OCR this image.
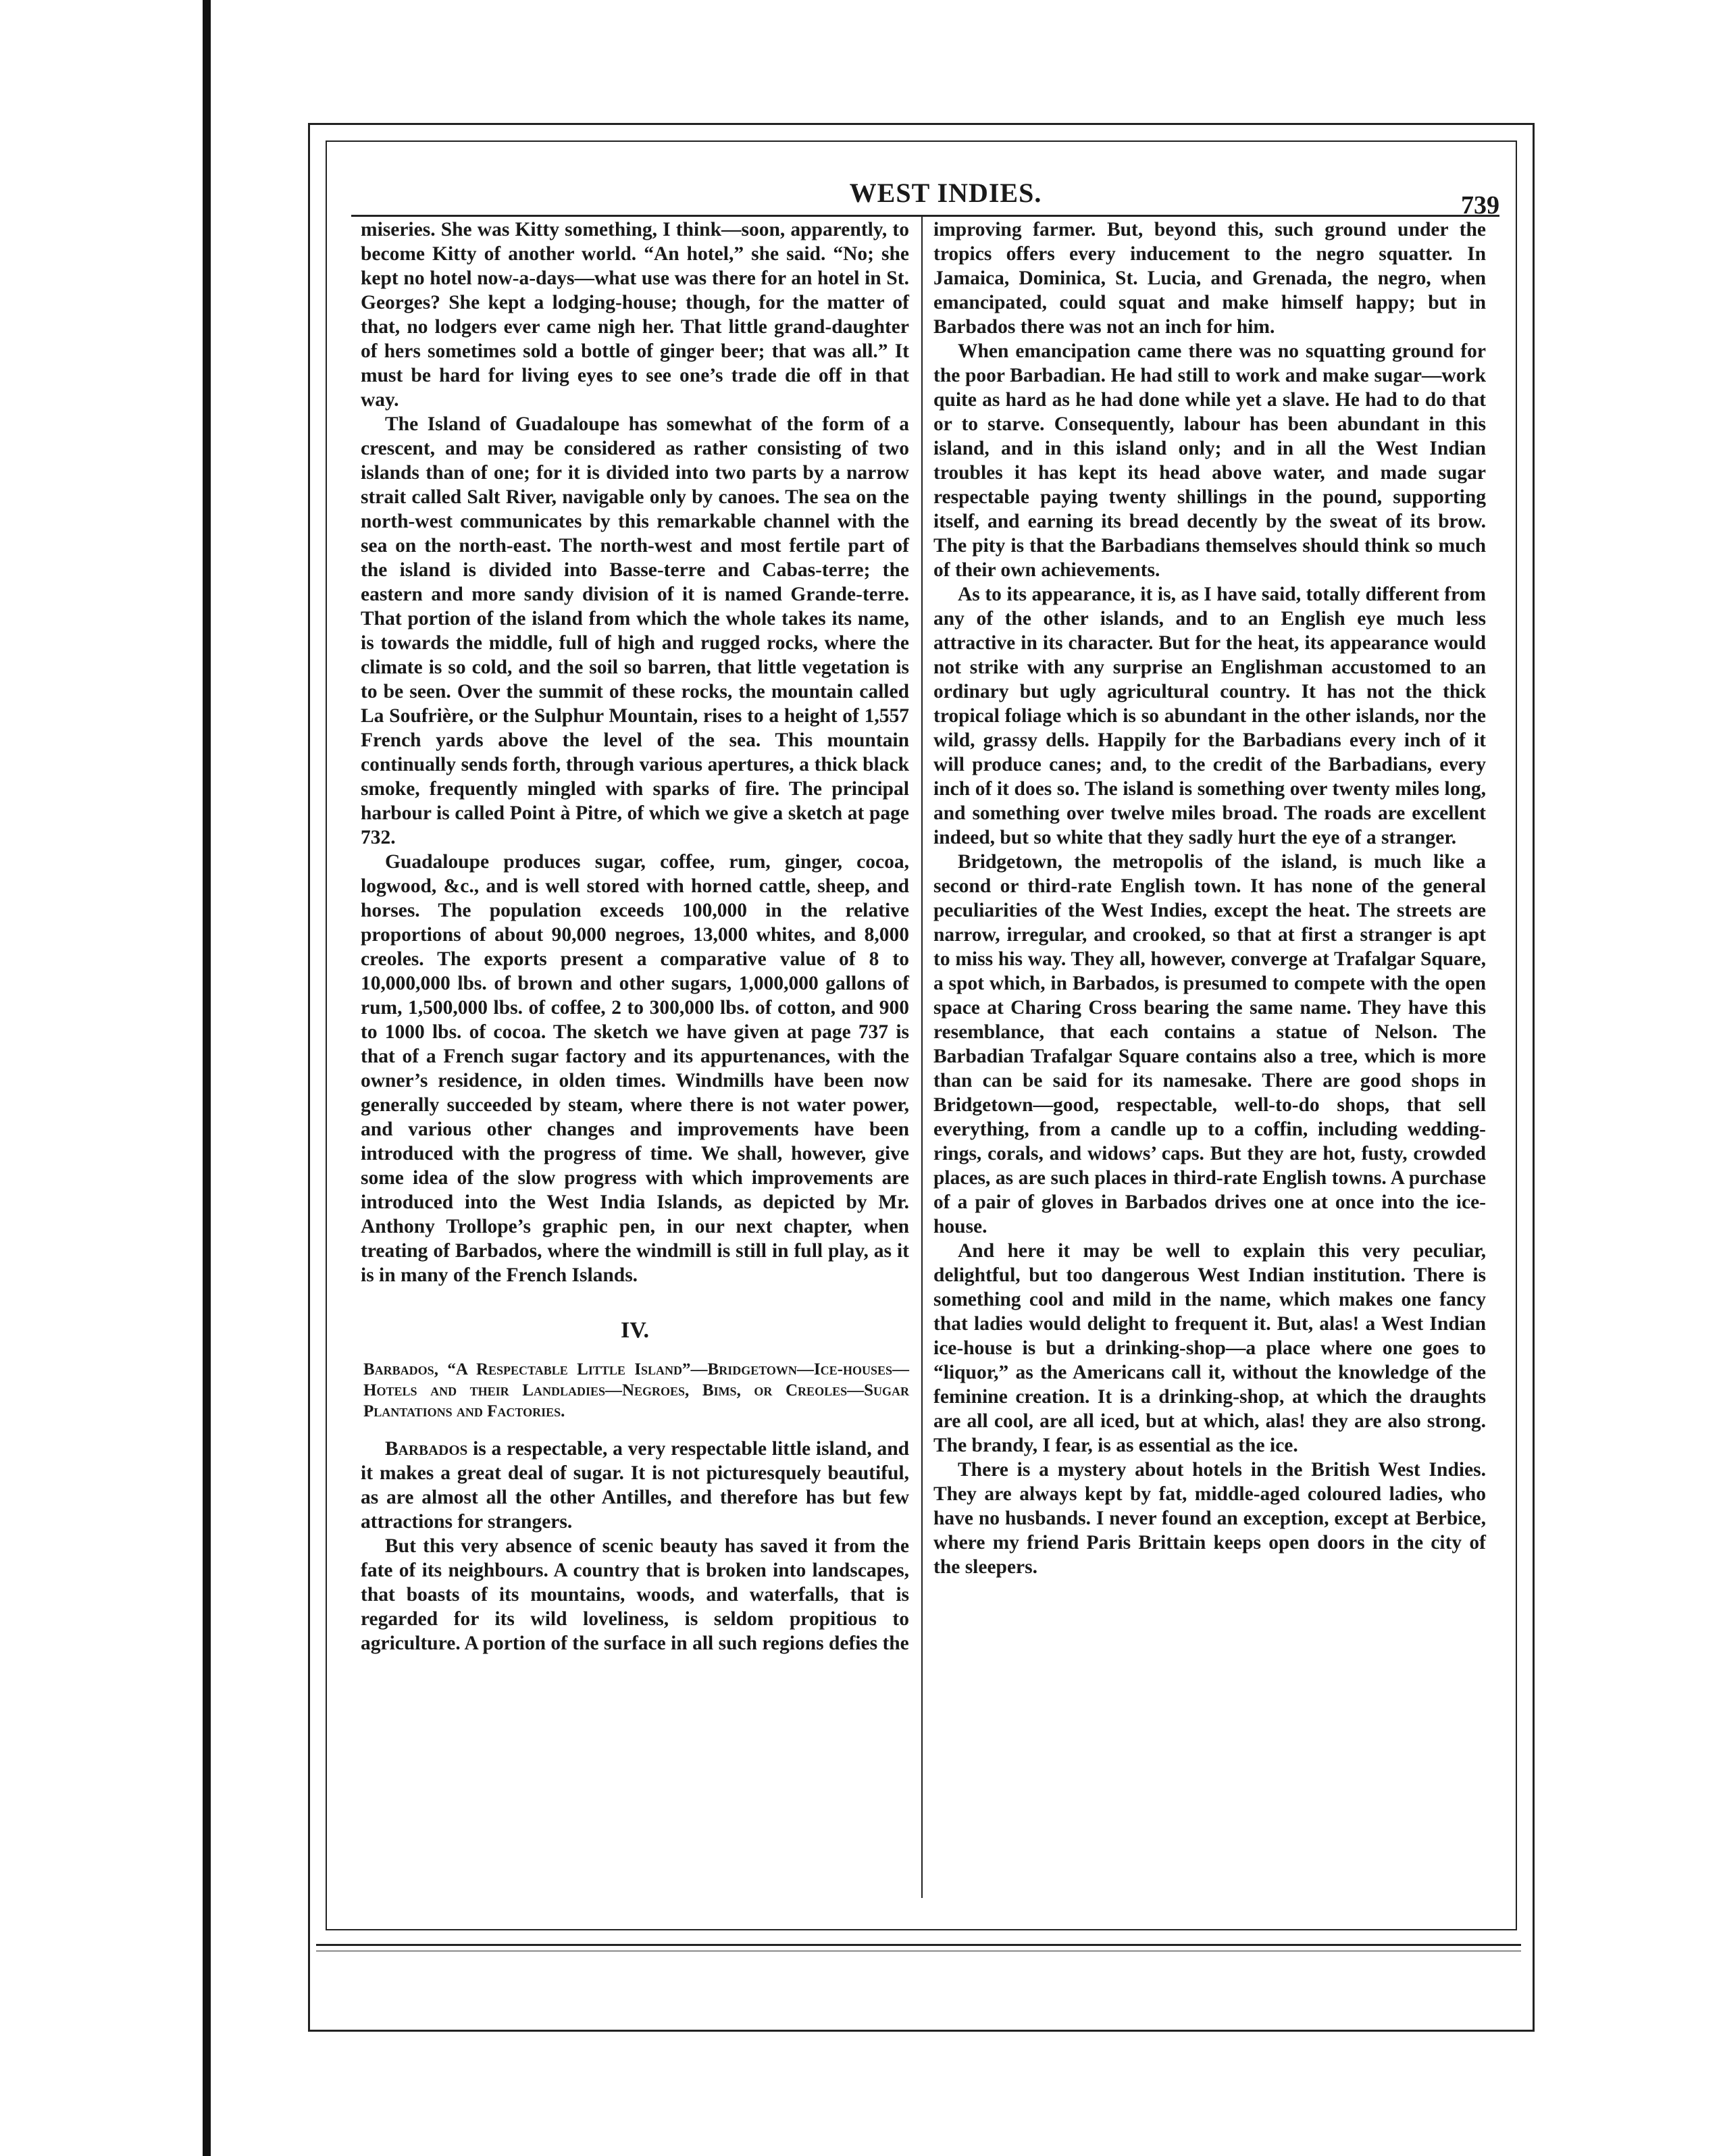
WEST INDIES.	739

miseries. She was Kitty something, I think—soon, apparently, to become Kitty of another world. “An hotel,” she said. “No; she kept no hotel now-a-days—what use was there for an hotel in St. Georges? She kept a lodging-house; though, for the matter of that, no lodgers ever came nigh her. That little grand-daughter of hers sometimes sold a bottle of ginger beer; that was all.” It must be hard for living eyes to see one’s trade die off in that way.

The Island of Guadaloupe has somewhat of the form of a crescent, and may be considered as rather consisting of two islands than of one; for it is divided into two parts by a narrow strait called Salt River, navigable only by canoes. The sea on the north-west communicates by this remarkable channel with the sea on the north-east. The north-west and most fertile part of the island is divided into Basse-terre and Cabas-terre; the eastern and more sandy division of it is named Grande-terre. That portion of the island from which the whole takes its name, is towards the middle, full of high and rugged rocks, where the climate is so cold, and the soil so barren, that little vegetation is to be seen. Over the summit of these rocks, the mountain called La Soufrière, or the Sulphur Mountain, rises to a height of 1,557 French yards above the level of the sea. This mountain continually sends forth, through various apertures, a thick black smoke, frequently mingled with sparks of fire. The principal harbour is called Point à Pitre, of which we give a sketch at page 732.

Guadaloupe produces sugar, coffee, rum, ginger, cocoa, logwood, &c., and is well stored with horned cattle, sheep, and horses. The population exceeds 100,000 in the relative proportions of about 90,000 negroes, 13,000 whites, and 8,000 creoles. The exports present a comparative value of 8 to 10,000,000 lbs. of brown and other sugars, 1,000,000 gallons of rum, 1,500,000 lbs. of coffee, 2 to 300,000 lbs. of cotton, and 900 to 1000 lbs. of cocoa. The sketch we have given at page 737 is that of a French sugar factory and its appurtenances, with the owner’s residence, in olden times. Windmills have been now generally succeeded by steam, where there is not water power, and various other changes and improvements have been introduced with the progress of time. We shall, however, give some idea of the slow progress with which improvements are introduced into the West India Islands, as depicted by Mr. Anthony Trollope’s graphic pen, in our next chapter, when treating of Barbados, where the windmill is still in full play, as it is in many of the French Islands.

IV.
Barbados, “A Respectable Little Island”—Bridgetown—Ice-houses—Hotels and their Landladies—Negroes, Bims, or Creoles—Sugar Plantations and Factories.

Barbados is a respectable, a very respectable little island, and it makes a great deal of sugar. It is not picturesquely beautiful, as are almost all the other Antilles, and therefore has but few attractions for strangers.

But this very absence of scenic beauty has saved it from the fate of its neighbours. A country that is broken into landscapes, that boasts of its mountains, woods, and waterfalls, that is regarded for its wild loveliness, is seldom propitious to agriculture. A portion of the surface in all such regions defies the

improving farmer. But, beyond this, such ground under the tropics offers every inducement to the negro squatter. In Jamaica, Dominica, St. Lucia, and Grenada, the negro, when emancipated, could squat and make himself happy; but in Barbados there was not an inch for him.

When emancipation came there was no squatting ground for the poor Barbadian. He had still to work and make sugar—work quite as hard as he had done while yet a slave. He had to do that or to starve. Consequently, labour has been abundant in this island, and in this island only; and in all the West Indian troubles it has kept its head above water, and made sugar respectable paying twenty shillings in the pound, supporting itself, and earning its bread decently by the sweat of its brow. The pity is that the Barbadians themselves should think so much of their own achievements.

As to its appearance, it is, as I have said, totally different from any of the other islands, and to an English eye much less attractive in its character. But for the heat, its appearance would not strike with any surprise an Englishman accustomed to an ordinary but ugly agricultural country. It has not the thick tropical foliage which is so abundant in the other islands, nor the wild, grassy dells. Happily for the Barbadians every inch of it will produce canes; and, to the credit of the Barbadians, every inch of it does so. The island is something over twenty miles long, and something over twelve miles broad. The roads are excellent indeed, but so white that they sadly hurt the eye of a stranger.

Bridgetown, the metropolis of the island, is much like a second or third-rate English town. It has none of the general peculiarities of the West Indies, except the heat. The streets are narrow, irregular, and crooked, so that at first a stranger is apt to miss his way. They all, however, converge at Trafalgar Square, a spot which, in Barbados, is presumed to compete with the open space at Charing Cross bearing the same name. They have this resemblance, that each contains a statue of Nelson. The Barbadian Trafalgar Square contains also a tree, which is more than can be said for its namesake. There are good shops in Bridgetown—good, respectable, well-to-do shops, that sell everything, from a candle up to a coffin, including wedding-rings, corals, and widows’ caps. But they are hot, fusty, crowded places, as are such places in third-rate English towns. A purchase of a pair of gloves in Barbados drives one at once into the ice-house.

And here it may be well to explain this very peculiar, delightful, but too dangerous West Indian institution. There is something cool and mild in the name, which makes one fancy that ladies would delight to frequent it. But, alas! a West Indian ice-house is but a drinking-shop—a place where one goes to “liquor,” as the Americans call it, without the knowledge of the feminine creation. It is a drinking-shop, at which the draughts are all cool, are all iced, but at which, alas! they are also strong. The brandy, I fear, is as essential as the ice.

There is a mystery about hotels in the British West Indies. They are always kept by fat, middle-aged coloured ladies, who have no husbands. I never found an exception, except at Berbice, where my friend Paris Brittain keeps open doors in the city of the sleepers.
